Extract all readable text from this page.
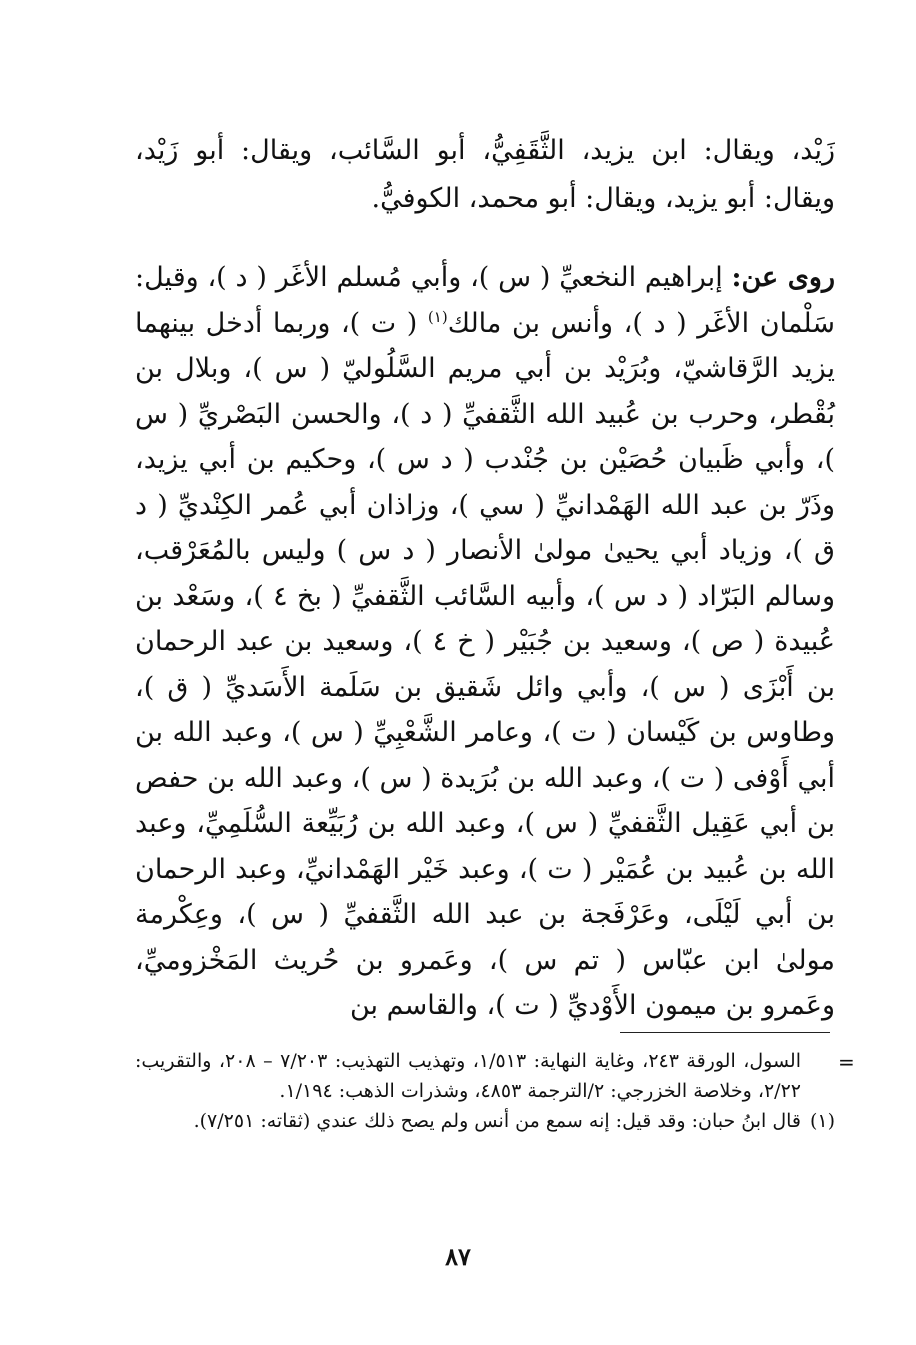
زَيْد، ويقال: ابن يزيد، الثَّقَفِيُّ، أبو السَّائب، ويقال: أبو زَيْد، ويقال: أبو يزيد، ويقال: أبو محمد، الكوفيُّ.

روى عن: إبراهيم النخعيِّ ( س )، وأبي مُسلم الأغَر ( د )، وقيل: سَلْمان الأغَر ( د )، وأنس بن مالك$^{(١)}$ ( ت )، وربما أدخل بينهما يزيد الرَّقاشيّ، وبُرَيْد بن أبي مريم السَّلُوليّ ( س )، وبلال بن بُقْطر، وحرب بن عُبيد الله الثَّقفيِّ ( د )، والحسن البَصْريِّ ( س )، وأبي ظَبيان حُصَيْن بن جُنْدب ( د س )، وحكيم بن أبي يزيد، وذَرّ بن عبد الله الهَمْدانيِّ ( سي )، وزاذان أبي عُمر الكِنْديِّ ( د ق )، وزياد أبي يحيىٰ مولىٰ الأنصار ( د س ) وليس بالمُعَرْقب، وسالم البَرّاد ( د س )، وأبيه السَّائب الثَّقفيِّ ( بخ ٤ )، وسَعْد بن عُبيدة ( ص )، وسعيد بن جُبَيْر ( خ ٤ )، وسعيد بن عبد الرحمان بن أَبْزَى ( س )، وأبي وائل شَقيق بن سَلَمة الأَسَديِّ ( ق )، وطاوس بن كَيْسان ( ت )، وعامر الشَّعْبِيِّ ( س )، وعبد الله بن أبي أَوْفى ( ت )، وعبد الله بن بُرَيدة ( س )، وعبد الله بن حفص بن أبي عَقِيل الثَّقفيِّ ( س )، وعبد الله بن رُبَيِّعة السُّلَمِيِّ، وعبد الله بن عُبيد بن عُمَيْر ( ت )، وعبد خَيْر الهَمْدانيِّ، وعبد الرحمان بن أبي لَيْلَى، وعَرْفَجة بن عبد الله الثَّقفيِّ ( س )، وعِكْرمة مولىٰ ابن عبّاس ( تم س )، وعَمرو بن حُريث المَخْزوميِّ، وعَمرو بن ميمون الأَوْديِّ ( ت )، والقاسم بن

=

السول، الورقة ٢٤٣، وغاية النهاية: ١/٥١٣، وتهذيب التهذيب: ٧/٢٠٣ – ٢٠٨، والتقريب: ٢/٢٢، وخلاصة الخزرجي: ٢/الترجمة ٤٨٥٣، وشذرات الذهب: ١/١٩٤.

(١)
قال ابنُ حبان: وقد قيل: إنه سمع من أنس ولم يصح ذلك عندي (ثقاته: ٧/٢٥١).

٨٧
